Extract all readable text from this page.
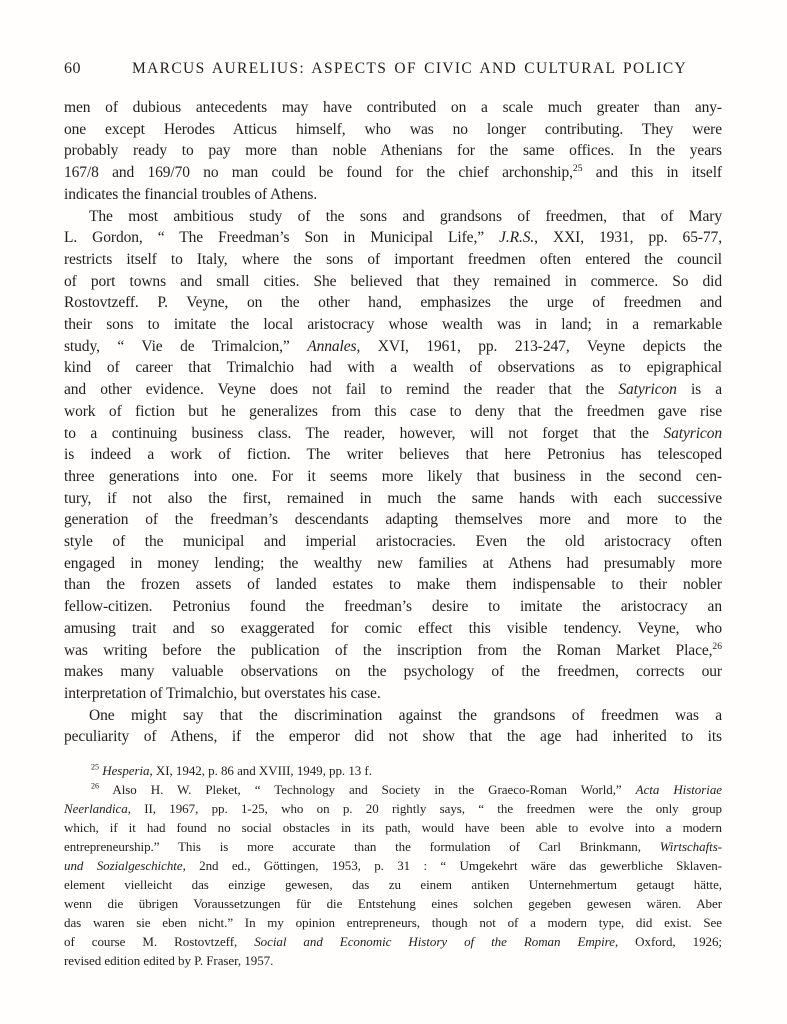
60	MARCUS AURELIUS: ASPECTS OF CIVIC AND CULTURAL POLICY
men of dubious antecedents may have contributed on a scale much greater than any-
one except Herodes Atticus himself, who was no longer contributing. They were
probably ready to pay more than noble Athenians for the same offices. In the years
167/8 and 169/70 no man could be found for the chief archonship,$^{25}$ and this in itself
indicates the financial troubles of Athens.
The most ambitious study of the sons and grandsons of freedmen, that of Mary
L. Gordon, “ The Freedman’s Son in Municipal Life,” J.R.S., XXI, 1931, pp. 65-77,
restricts itself to Italy, where the sons of important freedmen often entered the council
of port towns and small cities. She believed that they remained in commerce. So did
Rostovtzeff. P. Veyne, on the other hand, emphasizes the urge of freedmen and
their sons to imitate the local aristocracy whose wealth was in land; in a remarkable
study, “ Vie de Trimalcion,” Annales, XVI, 1961, pp. 213-247, Veyne depicts the
kind of career that Trimalchio had with a wealth of observations as to epigraphical
and other evidence. Veyne does not fail to remind the reader that the Satyricon is a
work of fiction but he generalizes from this case to deny that the freedmen gave rise
to a continuing business class. The reader, however, will not forget that the Satyricon
is indeed a work of fiction. The writer believes that here Petronius has telescoped
three generations into one. For it seems more likely that business in the second cen-
tury, if not also the first, remained in much the same hands with each successive
generation of the freedman’s descendants adapting themselves more and more to the
style of the municipal and imperial aristocracies. Even the old aristocracy often
engaged in money lending; the wealthy new families at Athens had presumably more
than the frozen assets of landed estates to make them indispensable to their nobler
fellow-citizen. Petronius found the freedman’s desire to imitate the aristocracy an
amusing trait and so exaggerated for comic effect this visible tendency. Veyne, who
was writing before the publication of the inscription from the Roman Market Place,$^{26}$
makes many valuable observations on the psychology of the freedmen, corrects our
interpretation of Trimalchio, but overstates his case.
One might say that the discrimination against the grandsons of freedmen was a
peculiarity of Athens, if the emperor did not show that the age had inherited to its
$^{25}$ Hesperia, XI, 1942, p. 86 and XVIII, 1949, pp. 13 f.
$^{26}$ Also H. W. Pleket, “ Technology and Society in the Graeco-Roman World,” Acta Historiae
Neerlandica, II, 1967, pp. 1-25, who on p. 20 rightly says, “ the freedmen were the only group
which, if it had found no social obstacles in its path, would have been able to evolve into a modern
entrepreneurship.” This is more accurate than the formulation of Carl Brinkmann, Wirtschafts-
und Sozialgeschichte, 2nd ed., Göttingen, 1953, p. 31 : “ Umgekehrt wäre das gewerbliche Sklaven-
element vielleicht das einzige gewesen, das zu einem antiken Unternehmertum getaugt hätte,
wenn die übrigen Voraussetzungen für die Entstehung eines solchen gegeben gewesen wären. Aber
das waren sie eben nicht.” In my opinion entrepreneurs, though not of a modern type, did exist. See
of course M. Rostovtzeff, Social and Economic History of the Roman Empire, Oxford, 1926;
revised edition edited by P. Fraser, 1957.
